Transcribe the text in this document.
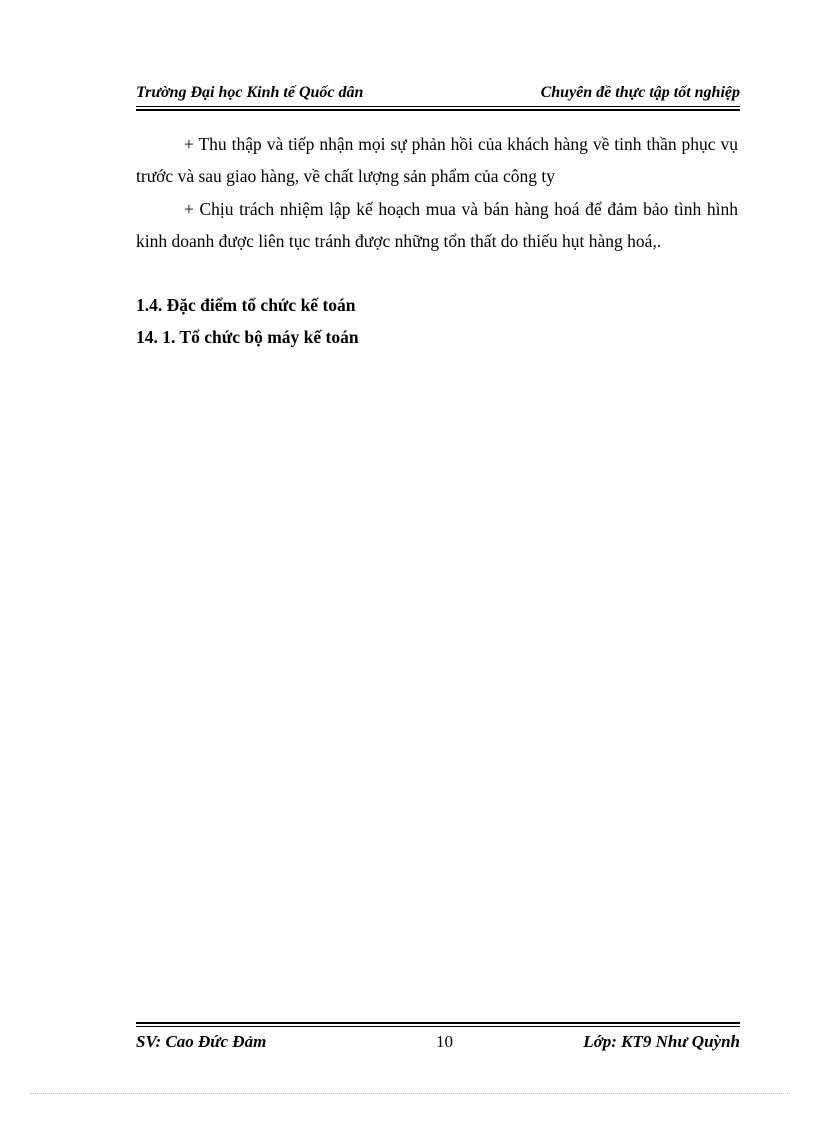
Trường Đại học Kinh tế Quốc dân	Chuyên đề thực tập tốt nghiệp
+ Thu thập và tiếp nhận mọi sự phản hồi của khách hàng về tinh thần phục vụ trước và sau giao hàng, về chất lượng sản phẩm của công ty
+ Chịu trách nhiệm lập kế hoạch mua và bán hàng hoá để đảm bảo tình hình kinh doanh được liên tục tránh được những tổn thất do thiếu hụt hàng hoá,.
1.4. Đặc điểm tổ chức kế toán
14. 1. Tổ chức bộ máy kế toán
SV: Cao Đức Đảm	10	Lớp: KT9 Như Quỳnh
